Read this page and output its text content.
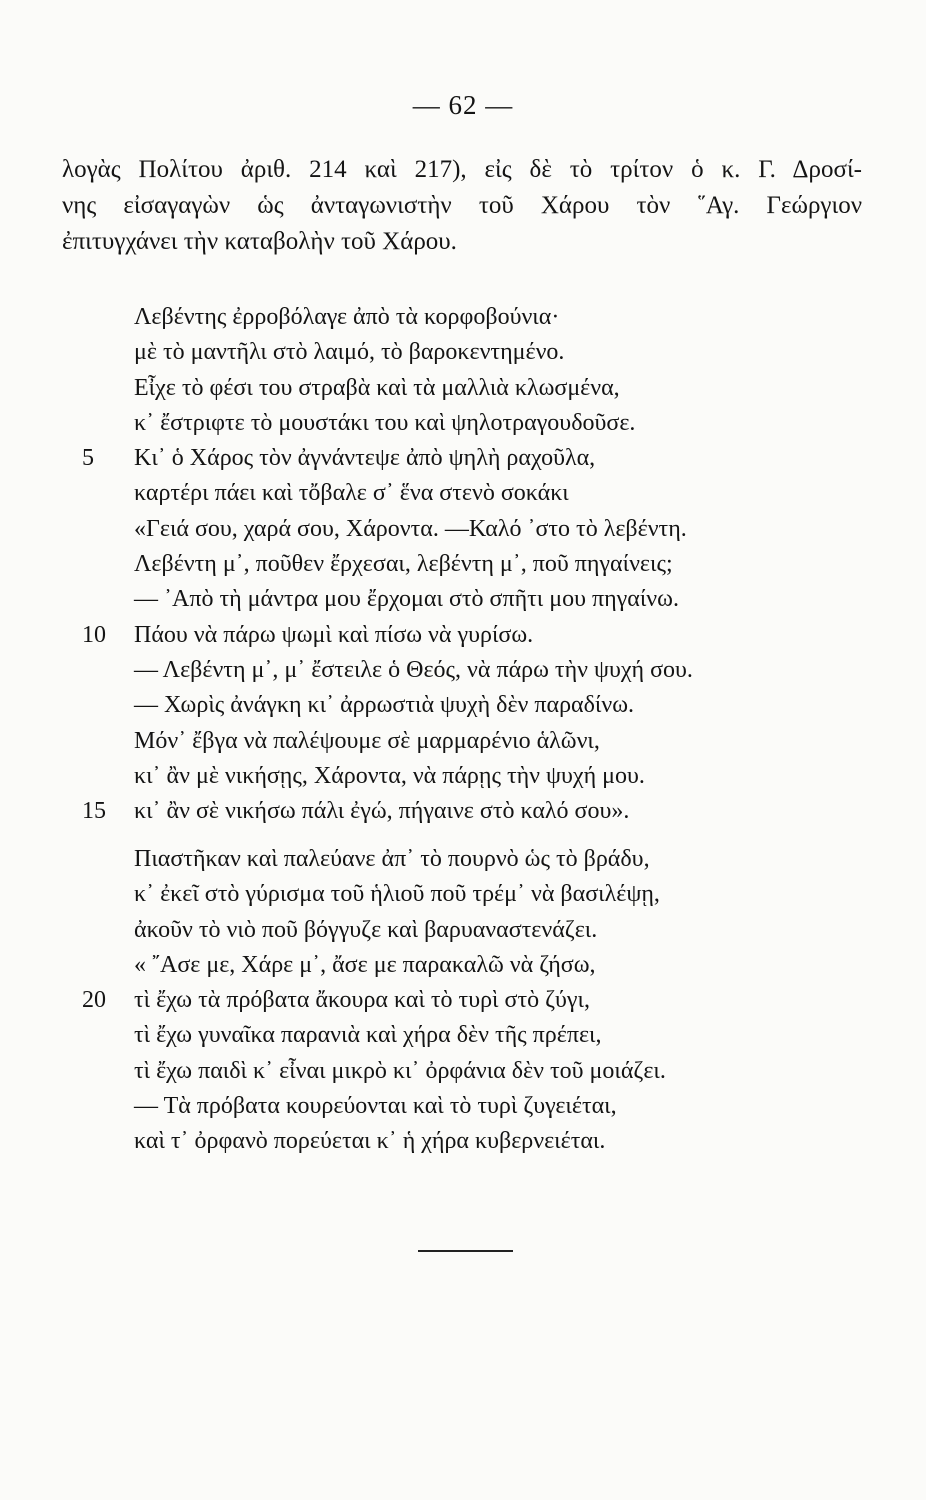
— 62 —
λογὰς Πολίτου ἀριθ. 214 καὶ 217), εἰς δὲ τὸ τρίτον ὁ κ. Γ. Δροσί-
νης εἰσαγαγὼν ὡς ἀνταγωνιστὴν τοῦ Χάρου τὸν ῞Αγ. Γεώργιον
ἐπιτυγχάνει τὴν καταβολὴν τοῦ Χάρου.
Λεβέντης ἐρροβόλαγε ἀπὸ τὰ κορφοβούνια·
μὲ τὸ μαντῆλι στὸ λαιμό, τὸ βαροκεντημένο.
Εἶχε τὸ φέσι του στραβὰ καὶ τὰ μαλλιὰ κλωσμένα,
κ᾽ ἔστριφτε τὸ μουστάκι του καὶ ψηλοτραγουδοῦσε.
5	Κι᾽ ὁ Χάρος τὸν ἀγνάντεψε ἀπὸ ψηλὴ ραχοῦλα,
καρτέρι πάει καὶ τὄβαλε σ᾽ ἕνα στενὸ σοκάκι
«Γειά σου, χαρά σου, Χάροντα. —Καλό ᾽στο τὸ λεβέντη.
Λεβέντη μ᾽, ποῦθεν ἔρχεσαι, λεβέντη μ᾽, ποῦ πηγαίνεις;
— ᾽Απὸ τὴ μάντρα μου ἔρχομαι στὸ σπῆτι μου πηγαίνω.
10	Πάου νὰ πάρω ψωμὶ καὶ πίσω νὰ γυρίσω.
— Λεβέντη μ᾽, μ᾽ ἔστειλε ὁ Θεός, νὰ πάρω τὴν ψυχή σου.
— Χωρὶς ἀνάγκη κι᾽ ἀρρωστιὰ ψυχὴ δὲν παραδίνω.
Μόν᾽ ἔβγα νὰ παλέψουμε σὲ μαρμαρένιο ἁλῶνι,
κι᾽ ἂν μὲ νικήσῃς, Χάροντα, νὰ πάρῃς τὴν ψυχή μου.
15	κι᾽ ἂν σὲ νικήσω πάλι ἐγώ, πήγαινε στὸ καλό σου».
Πιαστῆκαν καὶ παλεύανε ἀπ᾽ τὸ πουρνὸ ὡς τὸ βράδυ,
κ᾽ ἐκεῖ στὸ γύρισμα τοῦ ἡλιοῦ ποῦ τρέμ᾽ νὰ βασιλέψῃ,
ἀκοῦν τὸ νιὸ ποῦ βόγγυζε καὶ βαρυαναστενάζει.
« ῎Ασε με, Χάρε μ᾽, ἄσε με παρακαλῶ νὰ ζήσω,
20	τὶ ἔχω τὰ πρόβατα ἄκουρα καὶ τὸ τυρὶ στὸ ζύγι,
τὶ ἔχω γυναῖκα παρανιὰ καὶ χήρα δὲν τῆς πρέπει,
τὶ ἔχω παιδὶ κ᾽ εἶναι μικρὸ κι᾽ ὀρφάνια δὲν τοῦ μοιάζει.
— Τὰ πρόβατα κουρεύονται καὶ τὸ τυρὶ ζυγειέται,
καὶ τ᾽ ὀρφανὸ πορεύεται κ᾽ ἡ χήρα κυβερνειέται.
